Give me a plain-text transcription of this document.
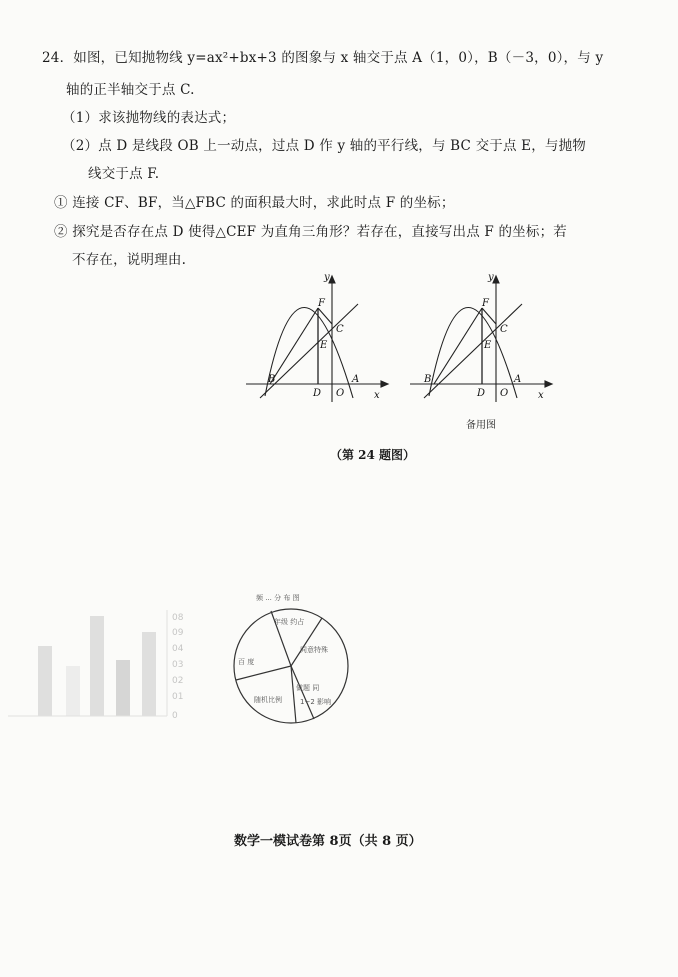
24．如图，已知抛物线 y=ax²+bx+3 的图象与 x 轴交于点 A（1，0），B（－3，0），与 y
轴的正半轴交于点 C.
（1）求该抛物线的表达式；
（2）点 D 是线段 OB 上一动点，过点 D 作 y 轴的平行线，与 BC 交于点 E，与抛物
线交于点 F.
① 连接 CF、BF，当△FBC 的面积最大时，求此时点 F 的坐标；
② 探究是否存在点 D 使得△CEF 为直角三角形？若存在，直接写出点 F 的坐标；若
不存在，说明理由.
y
x
F
C
E
B
D O
A
y
x
F
C
E
B
D O
A
备用图
（第 24 题图）
08
09
04
03
02
01
0
频 ... 分 布 图
年级 约占
百 度
同意特殊
随机比例
做题 同
1~2 影响
数学一模试卷第 8页（共 8 页）
